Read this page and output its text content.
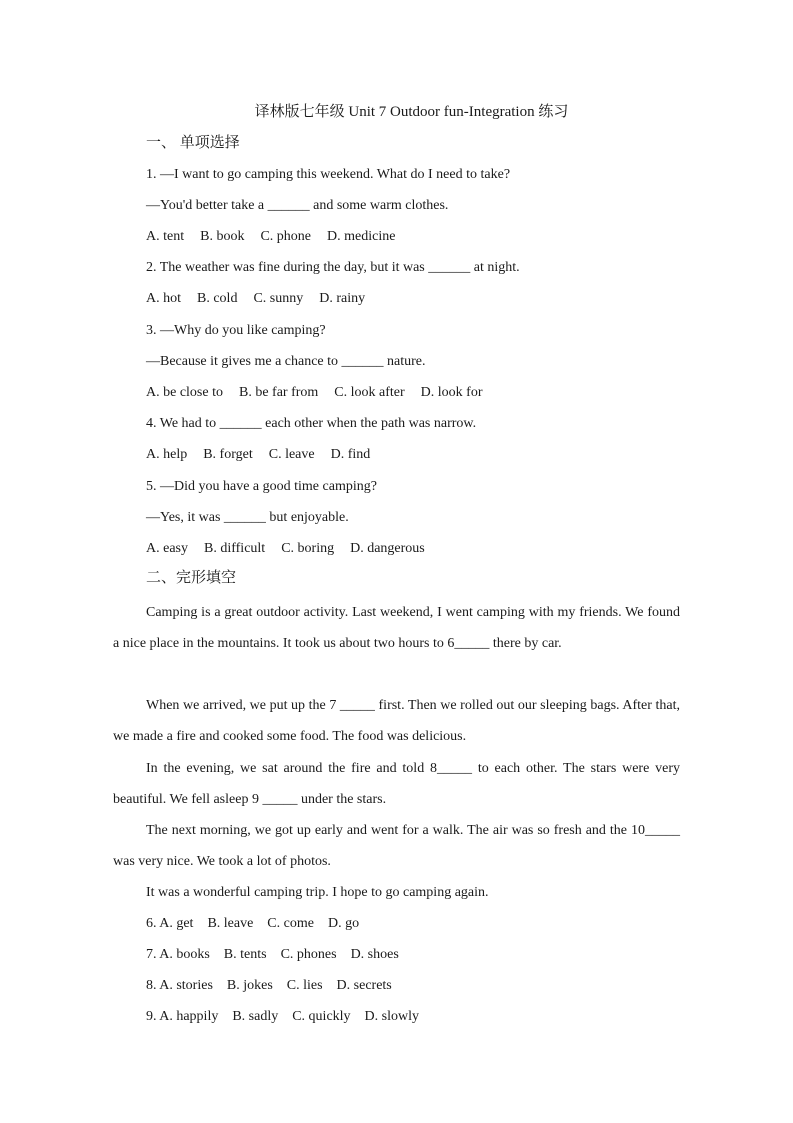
译林版七年级 Unit 7 Outdoor fun-Integration 练习
一、 单项选择
1. —I want to go camping this weekend. What do I need to take?
—You'd better take a ______ and some warm clothes.
A. tent B. book C. phone D. medicine
2. The weather was fine during the day, but it was ______ at night.
A. hot B. cold C. sunny D. rainy
3. —Why do you like camping?
—Because it gives me a chance to ______ nature.
A. be close to B. be far from C. look after D. look for
4. We had to ______ each other when the path was narrow.
A. help B. forget C. leave D. find
5. —Did you have a good time camping?
—Yes, it was ______ but enjoyable.
A. easy B. difficult C. boring D. dangerous
二、完形填空
Camping is a great outdoor activity. Last weekend, I went camping with my friends. We found a nice place in the mountains. It took us about two hours to 6_____ there by car.
When we arrived, we put up the 7 _____ first. Then we rolled out our sleeping bags. After that, we made a fire and cooked some food. The food was delicious.
In the evening, we sat around the fire and told 8_____ to each other. The stars were very beautiful. We fell asleep 9 _____ under the stars.
The next morning, we got up early and went for a walk. The air was so fresh and the 10_____ was very nice. We took a lot of photos.
It was a wonderful camping trip. I hope to go camping again.
6. A. get    B. leave    C. come    D. go
7. A. books    B. tents    C. phones    D. shoes
8. A. stories    B. jokes    C. lies    D. secrets
9. A. happily    B. sadly    C. quickly    D. slowly
